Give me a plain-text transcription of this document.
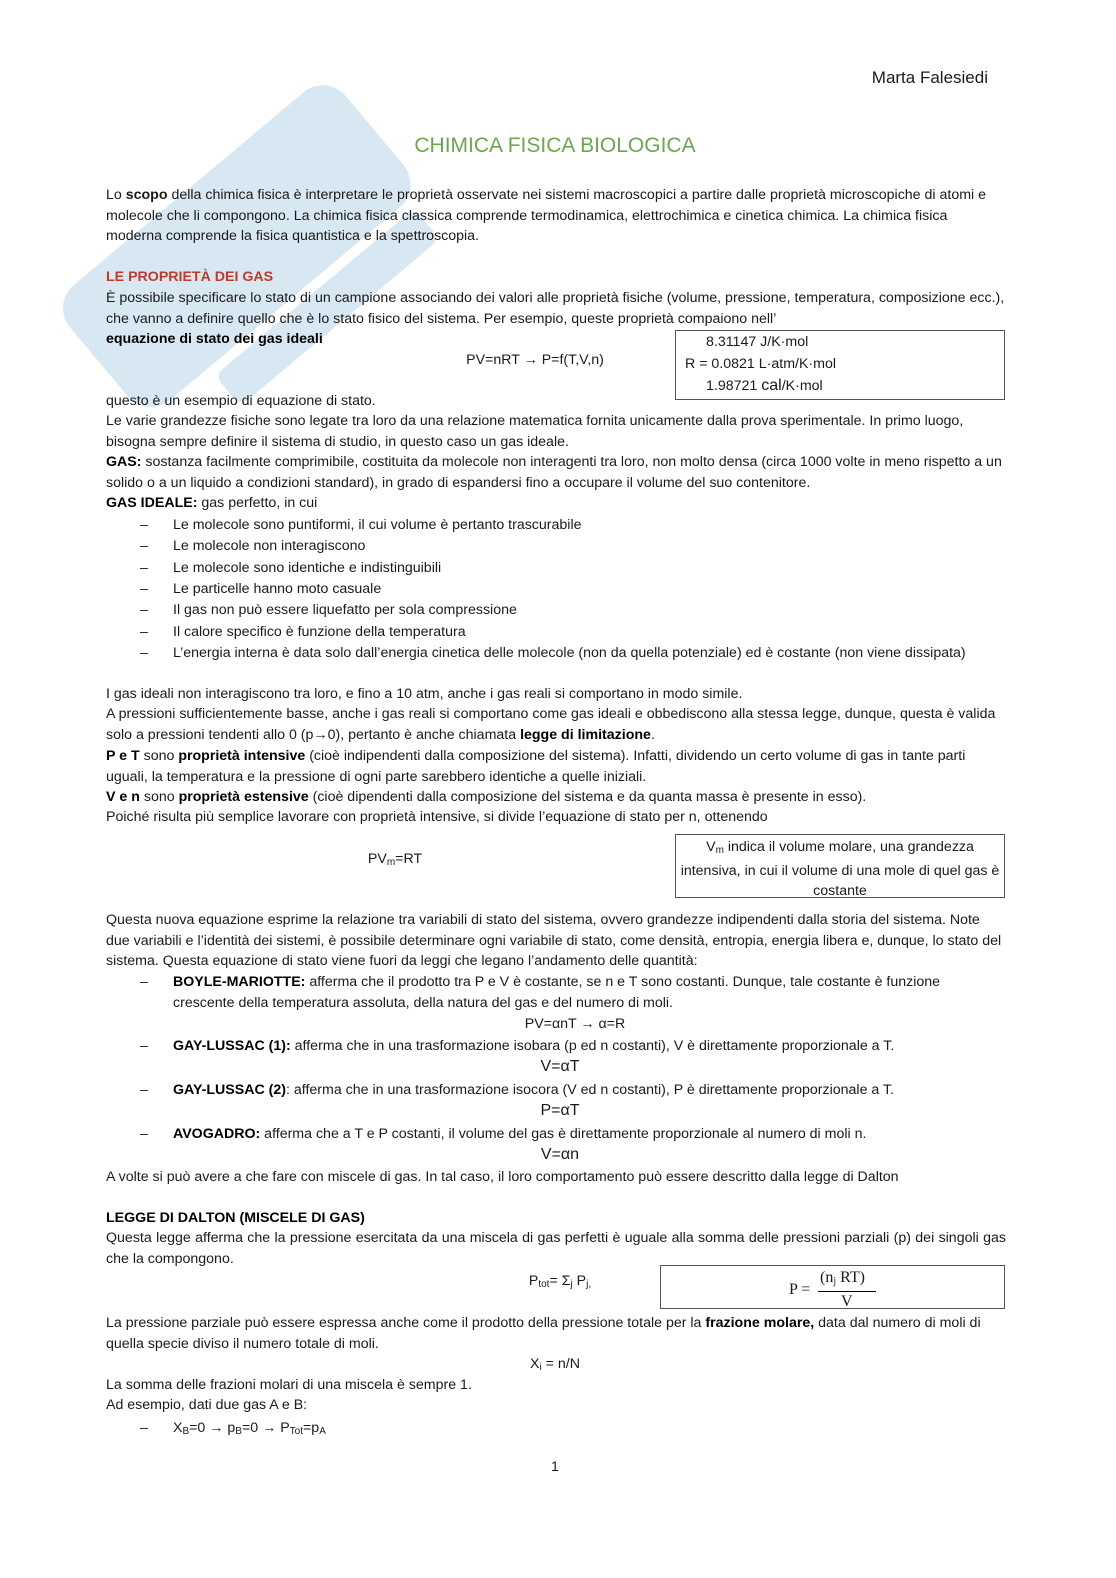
Marta Falesiedi
CHIMICA FISICA BIOLOGICA

Lo scopo della chimica fisica è interpretare le proprietà osservate nei sistemi macroscopici a partire dalle proprietà microscopiche di atomi e molecole che li compongono. La chimica fisica classica comprende termodinamica, elettrochimica e cinetica chimica. La chimica fisica moderna comprende la fisica quantistica e la spettroscopia.

LE PROPRIETÀ DEI GAS

È possibile specificare lo stato di un campione associando dei valori alle proprietà fisiche (volume, pressione, temperatura, composizione ecc.), che vanno a definire quello che è lo stato fisico del sistema. Per esempio, queste proprietà compaiono nell’
equazione di stato dei gas ideali

PV=nRT → P=f(T,V,n)
8.31147 J/K·mol
R = 0.0821 L·atm/K·mol
1.98721 cal/K·mol

questo è un esempio di equazione di stato.

Le varie grandezze fisiche sono legate tra loro da una relazione matematica fornita unicamente dalla prova sperimentale. In primo luogo, bisogna sempre definire il sistema di studio, in questo caso un gas ideale.

GAS: sostanza facilmente comprimibile, costituita da molecole non interagenti tra loro, non molto densa (circa 1000 volte in meno rispetto a un solido o a un liquido a condizioni standard), in grado di espandersi fino a occupare il volume del suo contenitore.

GAS IDEALE: gas perfetto, in cui

– Le molecole sono puntiformi, il cui volume è pertanto trascurabile

– Le molecole non interagiscono

– Le molecole sono identiche e indistinguibili

– Le particelle hanno moto casuale

– Il gas non può essere liquefatto per sola compressione

– Il calore specifico è funzione della temperatura

– L’energia interna è data solo dall’energia cinetica delle molecole (non da quella potenziale) ed è costante (non viene dissipata)

I gas ideali non interagiscono tra loro, e fino a 10 atm, anche i gas reali si comportano in modo simile.

A pressioni sufficientemente basse, anche i gas reali si comportano come gas ideali e obbediscono alla stessa legge, dunque, questa è valida solo a pressioni tendenti allo 0 (p→0), pertanto è anche chiamata legge di limitazione.

P e T sono proprietà intensive (cioè indipendenti dalla composizione del sistema). Infatti, dividendo un certo volume di gas in tante parti uguali, la temperatura e la pressione di ogni parte sarebbero identiche a quelle iniziali.

V e n sono proprietà estensive (cioè dipendenti dalla composizione del sistema e da quanta massa è presente in esso).

Poiché risulta più semplice lavorare con proprietà intensive, si divide l’equazione di stato per n, ottenendo

$PV_m=RT$
$V_m$ indica il volume molare, una grandezza intensiva, in cui il volume di una mole di quel gas è costante

Questa nuova equazione esprime la relazione tra variabili di stato del sistema, ovvero grandezze indipendenti dalla storia del sistema. Note due variabili e l’identità dei sistemi, è possibile determinare ogni variabile di stato, come densità, entropia, energia libera e, dunque, lo stato del sistema. Questa equazione di stato viene fuori da leggi che legano l’andamento delle quantità:

– BOYLE-MARIOTTE: afferma che il prodotto tra P e V è costante, se n e T sono costanti. Dunque, tale costante è funzione crescente della temperatura assoluta, della natura del gas e del numero di moli.

PV=αnT → α=R
– GAY-LUSSAC (1): afferma che in una trasformazione isobara (p ed n costanti), V è direttamente proporzionale a T.

V=αT
– GAY-LUSSAC (2): afferma che in una trasformazione isocora (V ed n costanti), P è direttamente proporzionale a T.

P=αT
– AVOGADRO: afferma che a T e P costanti, il volume del gas è direttamente proporzionale al numero di moli n.

V=αn

A volte si può avere a che fare con miscele di gas. In tal caso, il loro comportamento può essere descritto dalla legge di Dalton

LEGGE DI DALTON (MISCELE DI GAS)

Questa legge afferma che la pressione esercitata da una miscela di gas perfetti è uguale alla somma delle pressioni parziali (p) dei singoli gas che la compongono.

$P_{tot}= \Sigma_j$ $P_{j,}$	P =
($n_j$ RT)
V

La pressione parziale può essere espressa anche come il prodotto della pressione totale per la frazione molare, data dal numero di moli di quella specie diviso il numero totale di moli.

$X_i = n/N$

La somma delle frazioni molari di una miscela è sempre 1.

Ad esempio, dati due gas A e B:

– $X_B=0 \to p_B=0 \to P_{Tot}=p_A$

1
